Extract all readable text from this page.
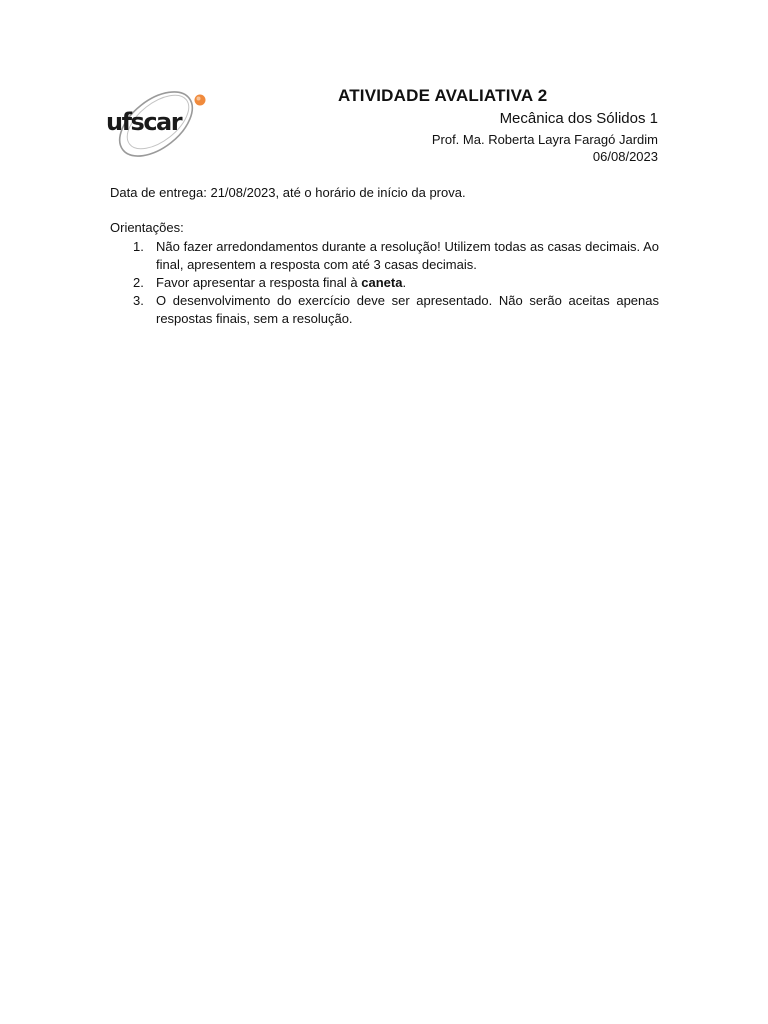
ufscar
ATIVIDADE AVALIATIVA 2
Mecânica dos Sólidos 1
Prof. Ma. Roberta Layra Faragó Jardim
06/08/2023
Data de entrega: 21/08/2023, até o horário de início da prova.
Orientações:
1. Não fazer arredondamentos durante a resolução! Utilizem todas as casas decimais. Ao final, apresentem a resposta com até 3 casas decimais.
2. Favor apresentar a resposta final à caneta.
3. O desenvolvimento do exercício deve ser apresentado. Não serão aceitas apenas respostas finais, sem a resolução.
